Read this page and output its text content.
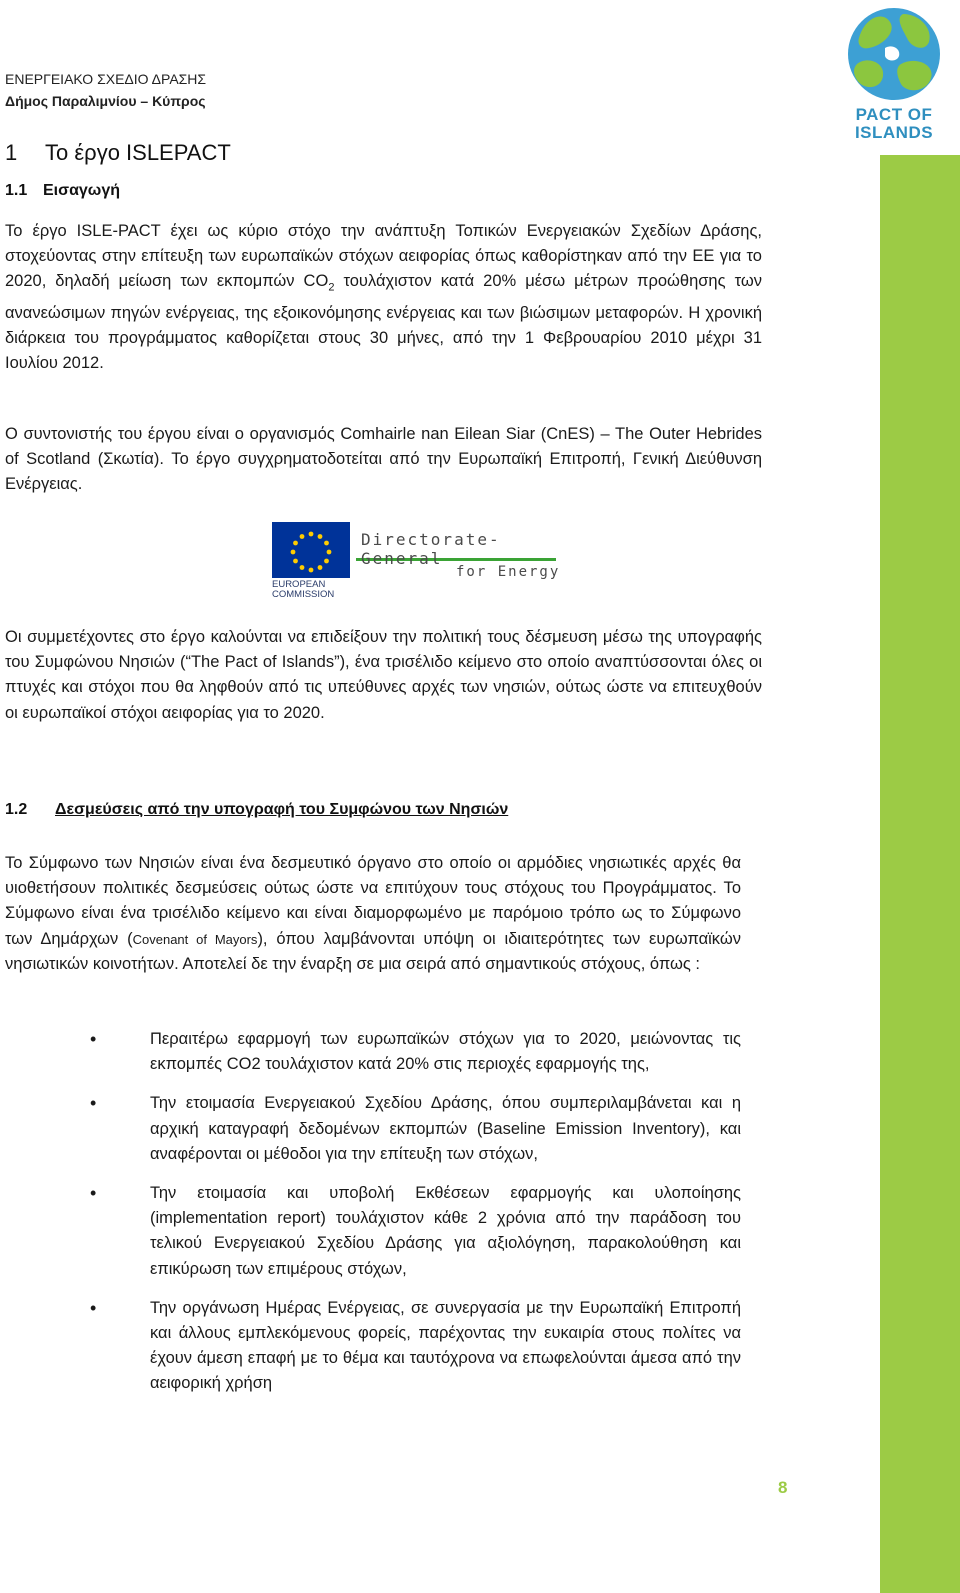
PACT OF
ISLANDS
ΕΝΕΡΓΕΙΑΚΟ ΣΧΕΔΙΟ ΔΡΑΣΗΣ
Δήμος Παραλιμνίου – Κύπρος
1 Το έργο ISLEPACT
1.1 Εισαγωγή

Το έργο ISLE-PACT έχει ως κύριο στόχο την ανάπτυξη Τοπικών Ενεργειακών Σχεδίων Δράσης, στοχεύοντας στην επίτευξη των ευρωπαϊκών στόχων αειφορίας όπως καθορίστηκαν από την ΕΕ για το 2020, δηλαδή μείωση των εκπομπών $CO_2$ τουλάχιστον κατά 20% μέσω μέτρων προώθησης των ανανεώσιμων πηγών ενέργειας, της εξοικονόμησης ενέργειας και των βιώσιμων μεταφορών. Η χρονική διάρκεια του προγράμματος καθορίζεται στους 30 μήνες, από την 1 Φεβρουαρίου 2010 μέχρι 31 Ιουλίου 2012.

Ο συντονιστής του έργου είναι ο οργανισμός Comhairle nan Eilean Siar (CnES) – The Outer Hebrides of Scotland (Σκωτία). Το έργο συγχρηματοδοτείται από την Ευρωπαϊκή Επιτροπή, Γενική Διεύθυνση Ενέργειας.

EUROPEAN
COMMISSION
Directorate-General
for Energy

Οι συμμετέχοντες στο έργο καλούνται να επιδείξουν την πολιτική τους δέσμευση μέσω της υπογραφής του Συμφώνου Νησιών (“The Pact of Islands”), ένα τρισέλιδο κείμενο στο οποίο αναπτύσσονται όλες οι πτυχές και στόχοι που θα ληφθούν από τις υπεύθυνες αρχές των νησιών, ούτως ώστε να επιτευχθούν οι ευρωπαϊκοί στόχοι αειφορίας για το 2020.

1.2 Δεσμεύσεις από την υπογραφή του Συμφώνου των Νησιών

Το Σύμφωνο των Νησιών είναι ένα δεσμευτικό όργανο στο οποίο οι αρμόδιες νησιωτικές αρχές θα υιοθετήσουν πολιτικές δεσμεύσεις ούτως ώστε να επιτύχουν τους στόχους του Προγράμματος. Το Σύμφωνο είναι ένα τρισέλιδο κείμενο και είναι διαμορφωμένο με παρόμοιο τρόπο ως το Σύμφωνο των Δημάρχων (Covenant of Mayors), όπου λαμβάνονται υπόψη οι ιδιαιτερότητες των ευρωπαϊκών νησιωτικών κοινοτήτων. Αποτελεί δε την έναρξη σε μια σειρά από σημαντικούς στόχους, όπως :

•	Περαιτέρω εφαρμογή των ευρωπαϊκών στόχων για το 2020, μειώνοντας τις εκπομπές CO2 τουλάχιστον κατά 20% στις περιοχές εφαρμογής της,
•	Την ετοιμασία Ενεργειακού Σχεδίου Δράσης, όπου συμπεριλαμβάνεται και η αρχική καταγραφή δεδομένων εκπομπών (Baseline Emission Inventory), και αναφέρονται οι μέθοδοι για την επίτευξη των στόχων,
•	Την ετοιμασία και υποβολή Εκθέσεων εφαρμογής και υλοποίησης (implementation report) τουλάχιστον κάθε 2 χρόνια από την παράδοση του τελικού Ενεργειακού Σχεδίου Δράσης για αξιολόγηση, παρακολούθηση και επικύρωση των επιμέρους στόχων,
•	Την οργάνωση Ημέρας Ενέργειας, σε συνεργασία με την Ευρωπαϊκή Επιτροπή και άλλους εμπλεκόμενους φορείς, παρέχοντας την ευκαιρία στους πολίτες να έχουν άμεση επαφή με το θέμα και ταυτόχρονα να επωφελούνται άμεσα από την αειφορική χρήση
8
